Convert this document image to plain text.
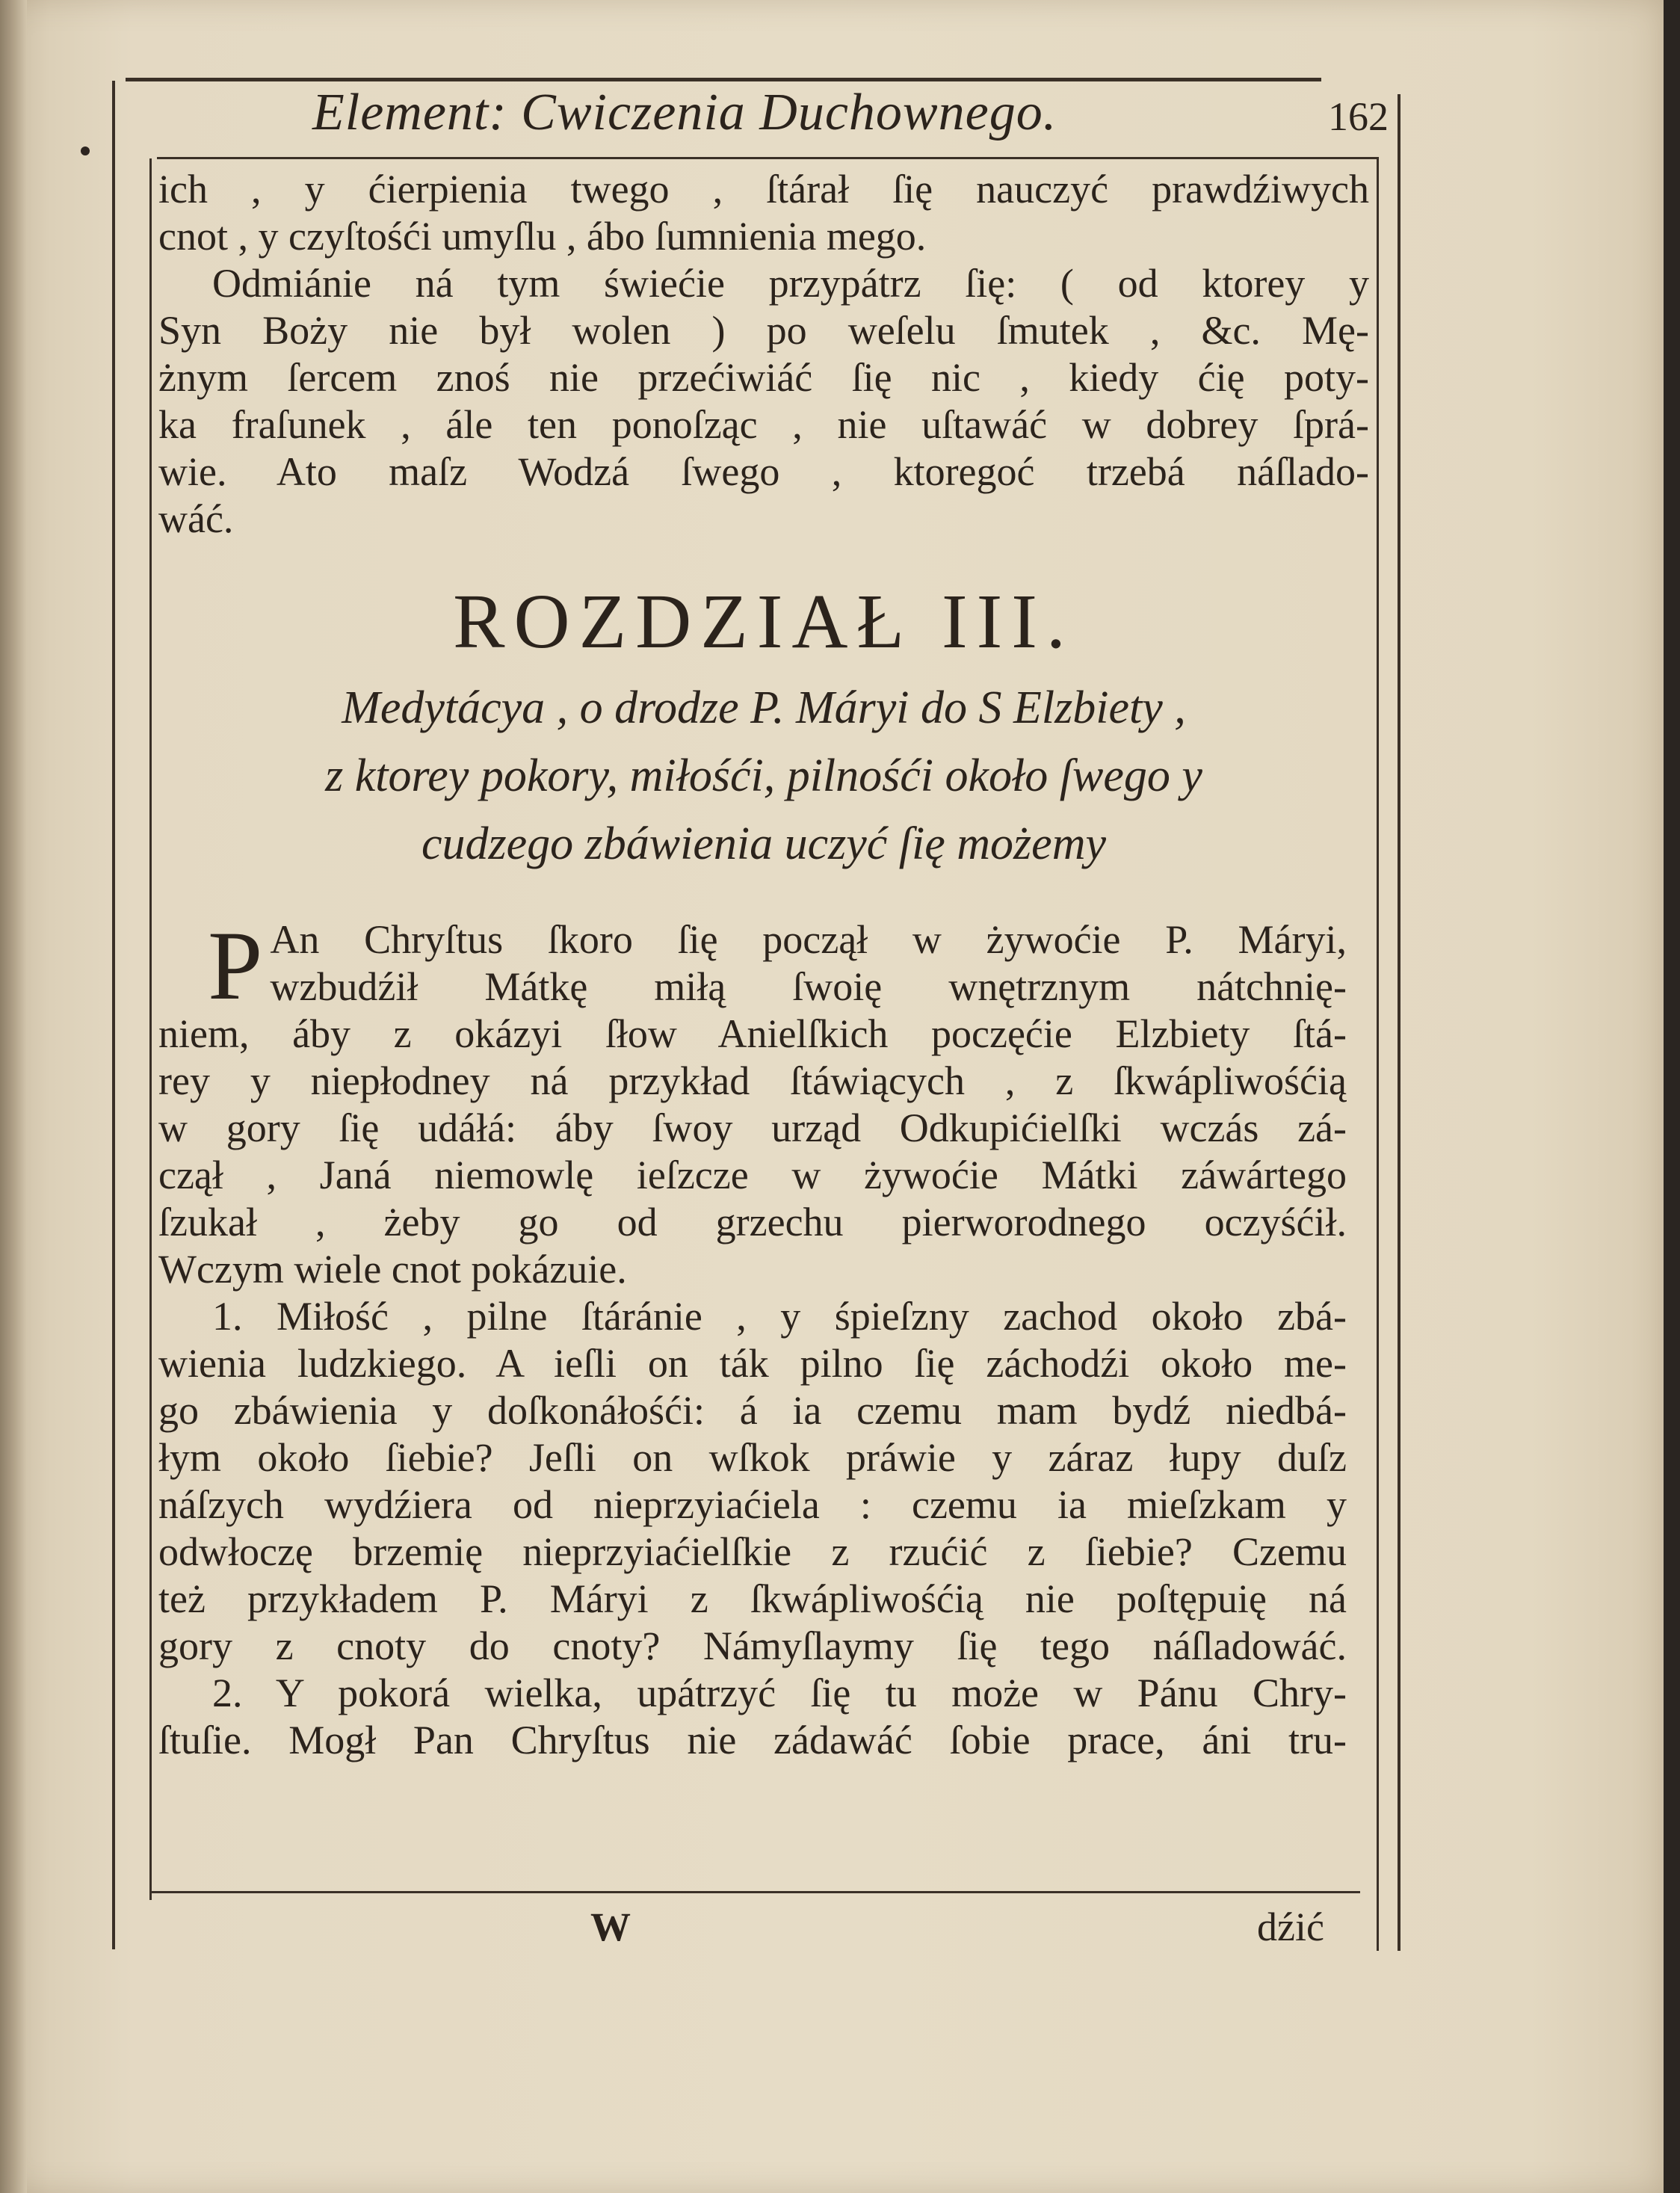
Element: Cwiczenia Duchownego.	162
ich , y ćierpienia twego , ſtárał ſię nauczyć prawdźiwych
cnot , y czyſtośći umyſlu , ábo ſumnienia mego.
Odmiánie ná tym świećie przypátrz ſię: ( od ktorey y
Syn Boży nie był wolen ) po weſelu ſmutek , &c. Mę-
żnym ſercem znoś nie przećiwiáć ſię nic , kiedy ćię poty-
ka fraſunek , ále ten ponoſząc , nie uſtawáć w dobrey ſprá-
wie. Ato maſz Wodzá ſwego , ktoregoć trzebá náſlado-
wáć.
ROZDZIAŁ III.
Medytácya , o drodze P. Máryi do S Elzbiety ,
z ktorey pokory, miłośći, pilnośći około ſwego y
cudzego zbáwienia uczyć ſię możemy
P An Chryſtus ſkoro ſię począł w żywoćie P. Máryi,
wzbudźił Mátkę miłą ſwoię wnętrznym nátchnię-
niem, áby z okázyi ſłow Anielſkich poczęćie Elzbiety ſtá-
rey y niepłodney ná przykład ſtáwiących , z ſkwápliwośćią
w gory ſię udáłá: áby ſwoy urząd Odkupićielſki wczás zá-
czął , Janá niemowlę ieſzcze w żywoćie Mátki záwártego
ſzukał , żeby go od grzechu pierworodnego oczyśćił.
Wczym wiele cnot pokázuie.
1. Miłość , pilne ſtáránie , y śpieſzny zachod około zbá-
wienia ludzkiego. A ieſli on ták pilno ſię záchodźi około me-
go zbáwienia y doſkonáłośći: á ia czemu mam bydź niedbá-
łym około ſiebie? Jeſli on wſkok práwie y záraz łupy duſz
náſzych wydźiera od nieprzyiaćiela : czemu ia mieſzkam y
odwłoczę brzemię nieprzyiaćielſkie z rzućić z ſiebie? Czemu
też przykładem P. Máryi z ſkwápliwośćią nie poſtępuię ná
gory z cnoty do cnoty? Námyſlaymy ſię tego náſladowáć.
2. Y pokorá wielka, upátrzyć ſię tu może w Pánu Chry-
ſtuſie. Mogł Pan Chryſtus nie zádawáć ſobie prace, áni tru-
W	dźić
